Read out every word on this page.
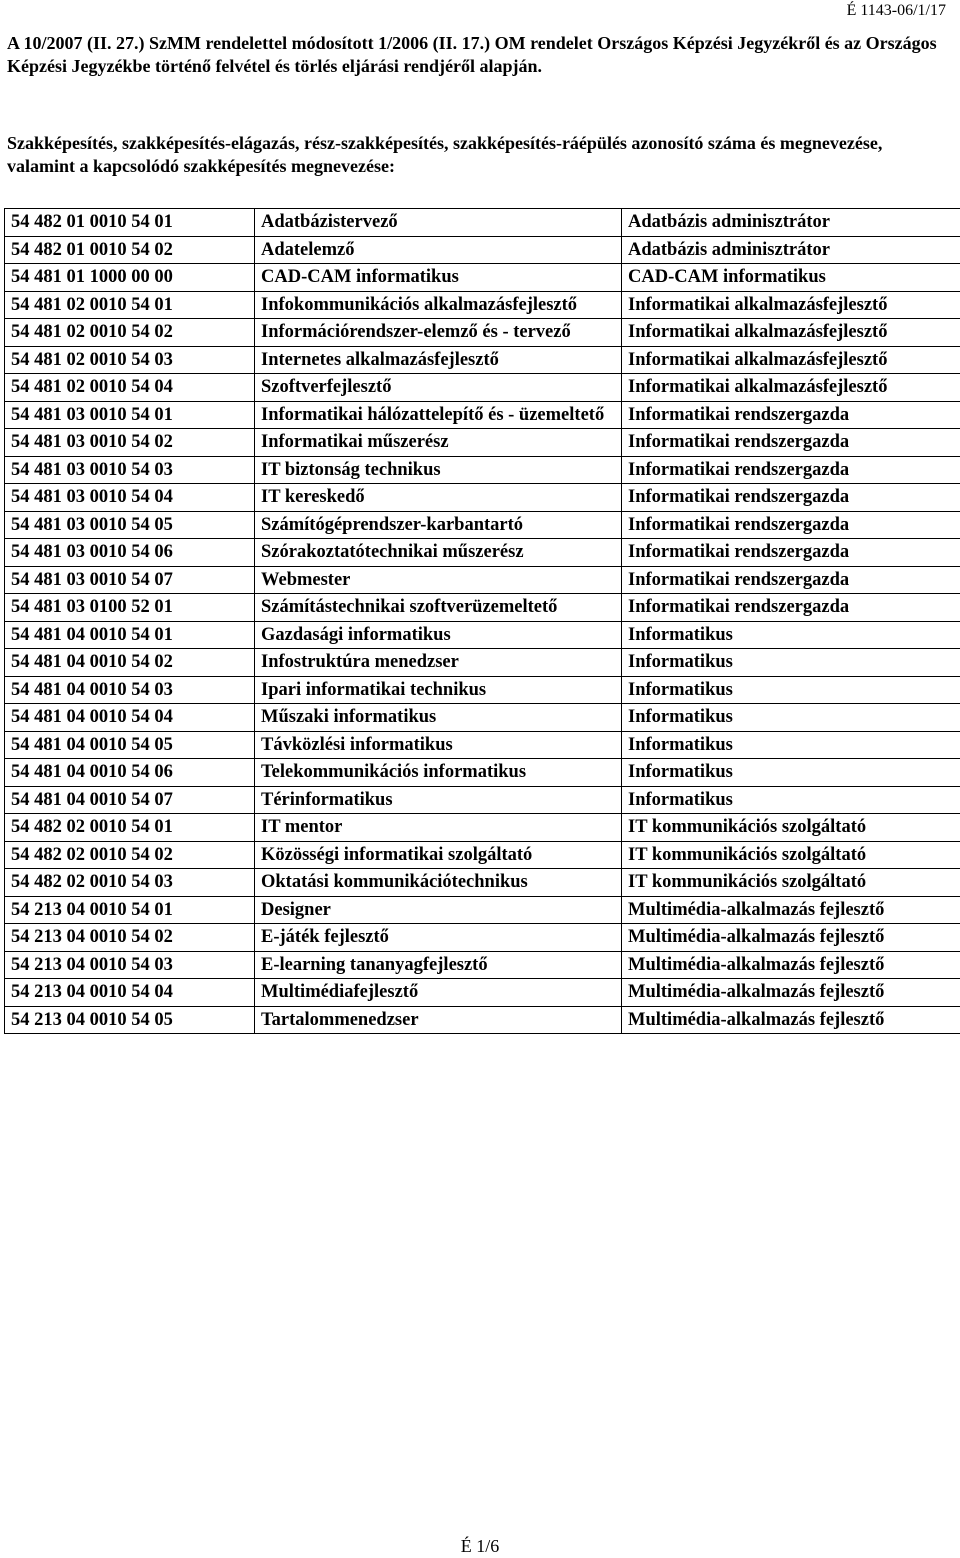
É 1143-06/1/17
A 10/2007 (II. 27.) SzMM rendelettel módosított 1/2006 (II. 17.) OM rendelet Országos Képzési Jegyzékről és az Országos Képzési Jegyzékbe történő felvétel és törlés eljárási rendjéről alapján.
Szakképesítés, szakképesítés-elágazás, rész-szakképesítés, szakképesítés-ráépülés azonosító száma és megnevezése, valamint a kapcsolódó szakképesítés megnevezése:
54 482 01 0010 54 01	Adatbázistervező	Adatbázis adminisztrátor
54 482 01 0010 54 02	Adatelemző	Adatbázis adminisztrátor
54 481 01 1000 00 00	CAD-CAM informatikus	CAD-CAM informatikus
54 481 02 0010 54 01	Infokommunikációs alkalmazásfejlesztő	Informatikai alkalmazásfejlesztő
54 481 02 0010 54 02	Információrendszer-elemző és - tervező	Informatikai alkalmazásfejlesztő
54 481 02 0010 54 03	Internetes alkalmazásfejlesztő	Informatikai alkalmazásfejlesztő
54 481 02 0010 54 04	Szoftverfejlesztő	Informatikai alkalmazásfejlesztő
54 481 03 0010 54 01	Informatikai hálózattelepítő és - üzemeltető	Informatikai rendszergazda
54 481 03 0010 54 02	Informatikai műszerész	Informatikai rendszergazda
54 481 03 0010 54 03	IT biztonság technikus	Informatikai rendszergazda
54 481 03 0010 54 04	IT kereskedő	Informatikai rendszergazda
54 481 03 0010 54 05	Számítógéprendszer-karbantartó	Informatikai rendszergazda
54 481 03 0010 54 06	Szórakoztatótechnikai műszerész	Informatikai rendszergazda
54 481 03 0010 54 07	Webmester	Informatikai rendszergazda
54 481 03 0100 52 01	Számítástechnikai szoftverüzemeltető	Informatikai rendszergazda
54 481 04 0010 54 01	Gazdasági informatikus	Informatikus
54 481 04 0010 54 02	Infostruktúra menedzser	Informatikus
54 481 04 0010 54 03	Ipari informatikai technikus	Informatikus
54 481 04 0010 54 04	Műszaki informatikus	Informatikus
54 481 04 0010 54 05	Távközlési informatikus	Informatikus
54 481 04 0010 54 06	Telekommunikációs informatikus	Informatikus
54 481 04 0010 54 07	Térinformatikus	Informatikus
54 482 02 0010 54 01	IT mentor	IT kommunikációs szolgáltató
54 482 02 0010 54 02	Közösségi informatikai szolgáltató	IT kommunikációs szolgáltató
54 482 02 0010 54 03	Oktatási kommunikációtechnikus	IT kommunikációs szolgáltató
54 213 04 0010 54 01	Designer	Multimédia-alkalmazás fejlesztő
54 213 04 0010 54 02	E-játék fejlesztő	Multimédia-alkalmazás fejlesztő
54 213 04 0010 54 03	E-learning tananyagfejlesztő	Multimédia-alkalmazás fejlesztő
54 213 04 0010 54 04	Multimédiafejlesztő	Multimédia-alkalmazás fejlesztő
54 213 04 0010 54 05	Tartalommenedzser	Multimédia-alkalmazás fejlesztő
É 1/6
